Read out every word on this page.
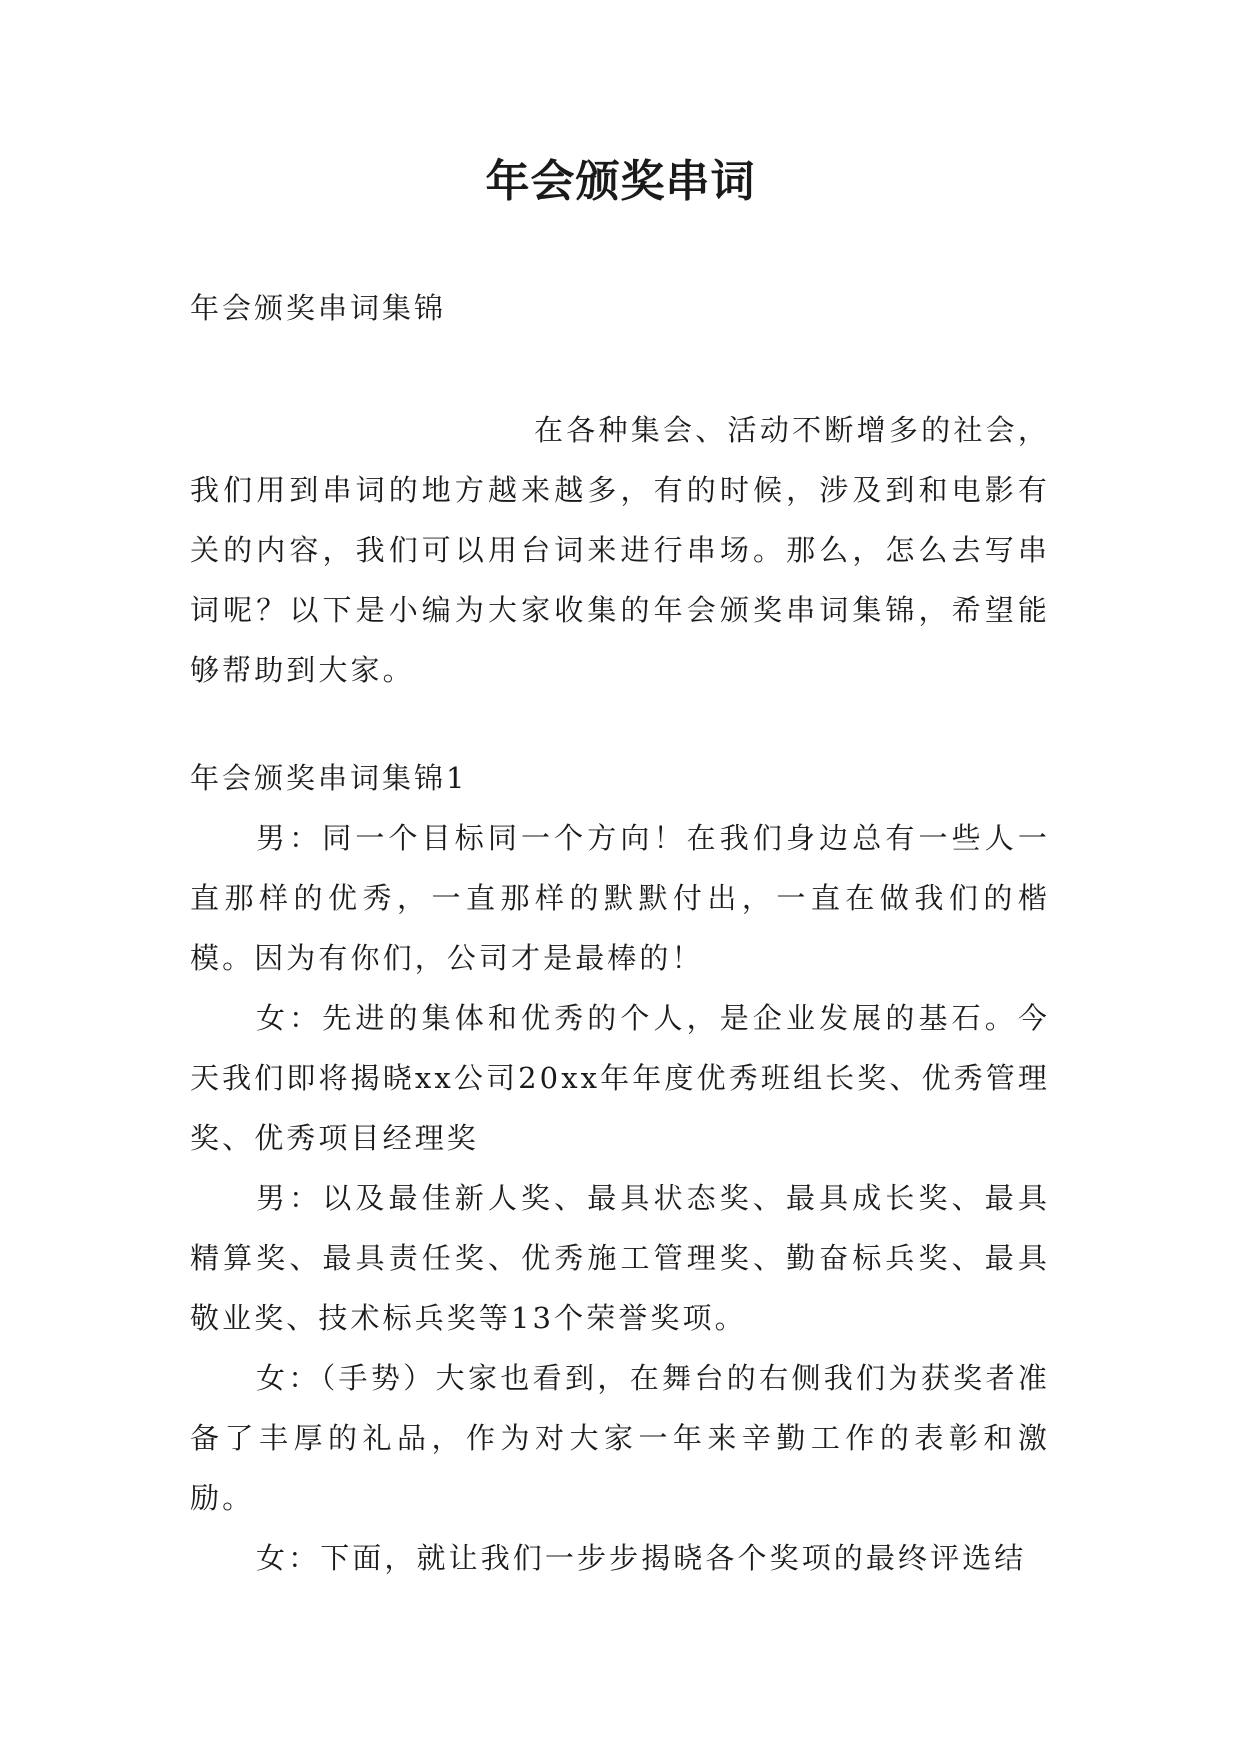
年会颁奖串词
年会颁奖串词集锦

在各种集会、活动不断增多的社会，我们用到串词的地方越来越多，有的时候，涉及到和电影有关的内容，我们可以用台词来进行串场。那么，怎么去写串词呢？以下是小编为大家收集的年会颁奖串词集锦，希望能够帮助到大家。

年会颁奖串词集锦1

男：同一个目标同一个方向！在我们身边总有一些人一直那样的优秀，一直那样的默默付出，一直在做我们的楷模。因为有你们，公司才是最棒的！

女：先进的集体和优秀的个人，是企业发展的基石。今天我们即将揭晓xx公司20xx年年度优秀班组长奖、优秀管理奖、优秀项目经理奖

男：以及最佳新人奖、最具状态奖、最具成长奖、最具精算奖、最具责任奖、优秀施工管理奖、勤奋标兵奖、最具敬业奖、技术标兵奖等13个荣誉奖项。

女：（手势）大家也看到，在舞台的右侧我们为获奖者准备了丰厚的礼品，作为对大家一年来辛勤工作的表彰和激励。

女：下面，就让我们一步步揭晓各个奖项的最终评选结
